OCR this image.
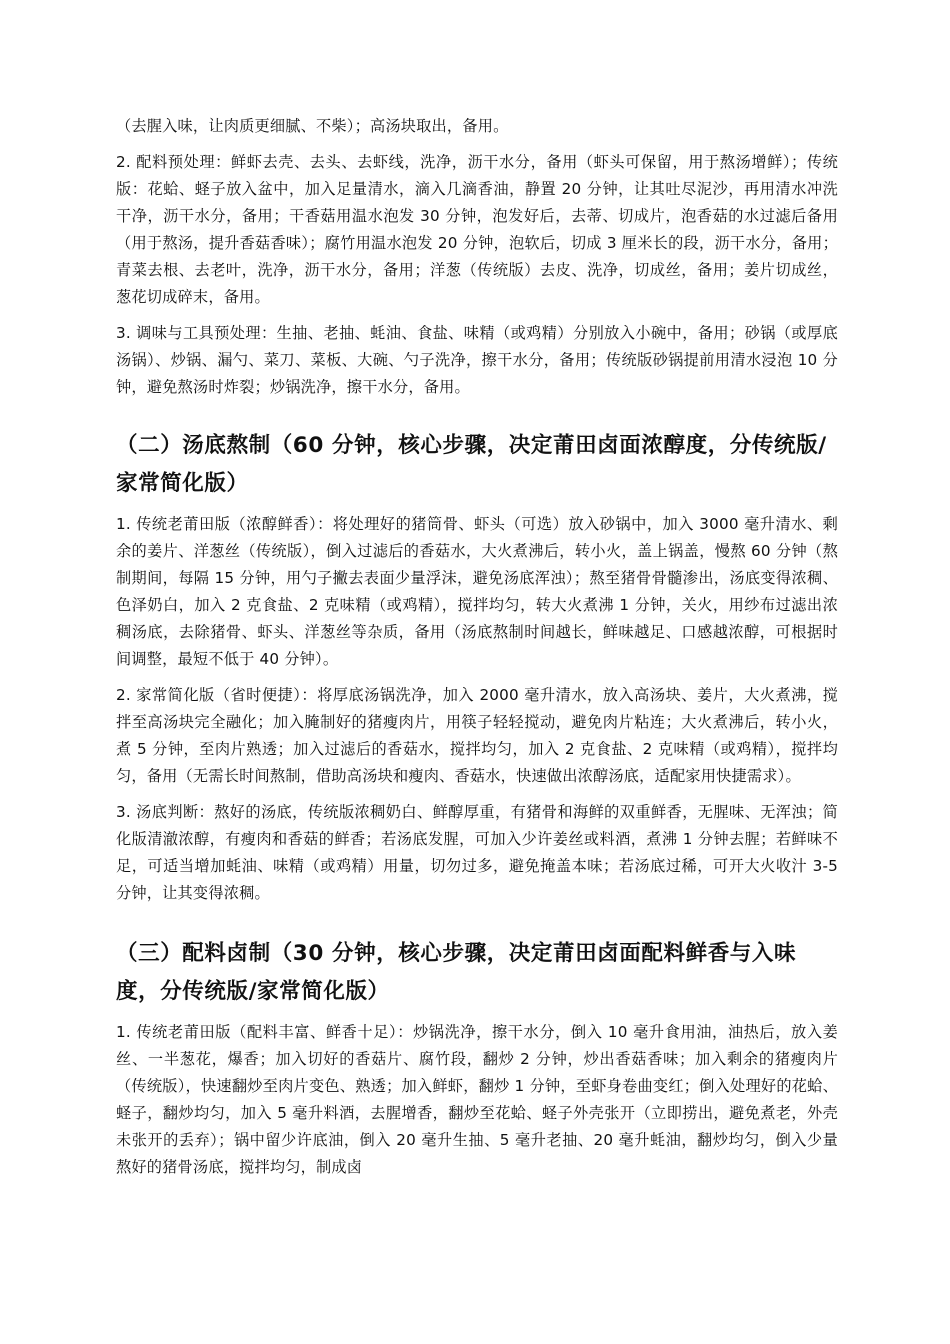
（去腥入味，让肉质更细腻、不柴）；高汤块取出，备用。

2. 配料预处理：鲜虾去壳、去头、去虾线，洗净，沥干水分，备用（虾头可保留，用于熬汤增鲜）；传统版：花蛤、蛏子放入盆中，加入足量清水，滴入几滴香油，静置 20 分钟，让其吐尽泥沙，再用清水冲洗干净，沥干水分，备用；干香菇用温水泡发 30 分钟，泡发好后，去蒂、切成片，泡香菇的水过滤后备用（用于熬汤，提升香菇香味）；腐竹用温水泡发 20 分钟，泡软后，切成 3 厘米长的段，沥干水分，备用；青菜去根、去老叶，洗净，沥干水分，备用；洋葱（传统版）去皮、洗净，切成丝，备用；姜片切成丝，葱花切成碎末，备用。

3. 调味与工具预处理：生抽、老抽、蚝油、食盐、味精（或鸡精）分别放入小碗中，备用；砂锅（或厚底汤锅）、炒锅、漏勺、菜刀、菜板、大碗、勺子洗净，擦干水分，备用；传统版砂锅提前用清水浸泡 10 分钟，避免熬汤时炸裂；炒锅洗净，擦干水分，备用。

（二）汤底熬制（60 分钟，核心步骤，决定莆田卤面浓醇度，分传统版/家常简化版）

1. 传统老莆田版（浓醇鲜香）：将处理好的猪筒骨、虾头（可选）放入砂锅中，加入 3000 毫升清水、剩余的姜片、洋葱丝（传统版），倒入过滤后的香菇水，大火煮沸后，转小火，盖上锅盖，慢熬 60 分钟（熬制期间，每隔 15 分钟，用勺子撇去表面少量浮沫，避免汤底浑浊）；熬至猪骨骨髓渗出，汤底变得浓稠、色泽奶白，加入 2 克食盐、2 克味精（或鸡精），搅拌均匀，转大火煮沸 1 分钟，关火，用纱布过滤出浓稠汤底，去除猪骨、虾头、洋葱丝等杂质，备用（汤底熬制时间越长，鲜味越足、口感越浓醇，可根据时间调整，最短不低于 40 分钟）。

2. 家常简化版（省时便捷）：将厚底汤锅洗净，加入 2000 毫升清水，放入高汤块、姜片，大火煮沸，搅拌至高汤块完全融化；加入腌制好的猪瘦肉片，用筷子轻轻搅动，避免肉片粘连；大火煮沸后，转小火，煮 5 分钟，至肉片熟透；加入过滤后的香菇水，搅拌均匀，加入 2 克食盐、2 克味精（或鸡精），搅拌均匀，备用（无需长时间熬制，借助高汤块和瘦肉、香菇水，快速做出浓醇汤底，适配家用快捷需求）。

3. 汤底判断：熬好的汤底，传统版浓稠奶白、鲜醇厚重，有猪骨和海鲜的双重鲜香，无腥味、无浑浊；简化版清澈浓醇，有瘦肉和香菇的鲜香；若汤底发腥，可加入少许姜丝或料酒，煮沸 1 分钟去腥；若鲜味不足，可适当增加蚝油、味精（或鸡精）用量，切勿过多，避免掩盖本味；若汤底过稀，可开大火收汁 3-5 分钟，让其变得浓稠。

（三）配料卤制（30 分钟，核心步骤，决定莆田卤面配料鲜香与入味度，分传统版/家常简化版）

1. 传统老莆田版（配料丰富、鲜香十足）：炒锅洗净，擦干水分，倒入 10 毫升食用油，油热后，放入姜丝、一半葱花，爆香；加入切好的香菇片、腐竹段，翻炒 2 分钟，炒出香菇香味；加入剩余的猪瘦肉片（传统版），快速翻炒至肉片变色、熟透；加入鲜虾，翻炒 1 分钟，至虾身卷曲变红；倒入处理好的花蛤、蛏子，翻炒均匀，加入 5 毫升料酒，去腥增香，翻炒至花蛤、蛏子外壳张开（立即捞出，避免煮老，外壳未张开的丢弃）；锅中留少许底油，倒入 20 毫升生抽、5 毫升老抽、20 毫升蚝油，翻炒均匀，倒入少量熬好的猪骨汤底，搅拌均匀，制成卤
